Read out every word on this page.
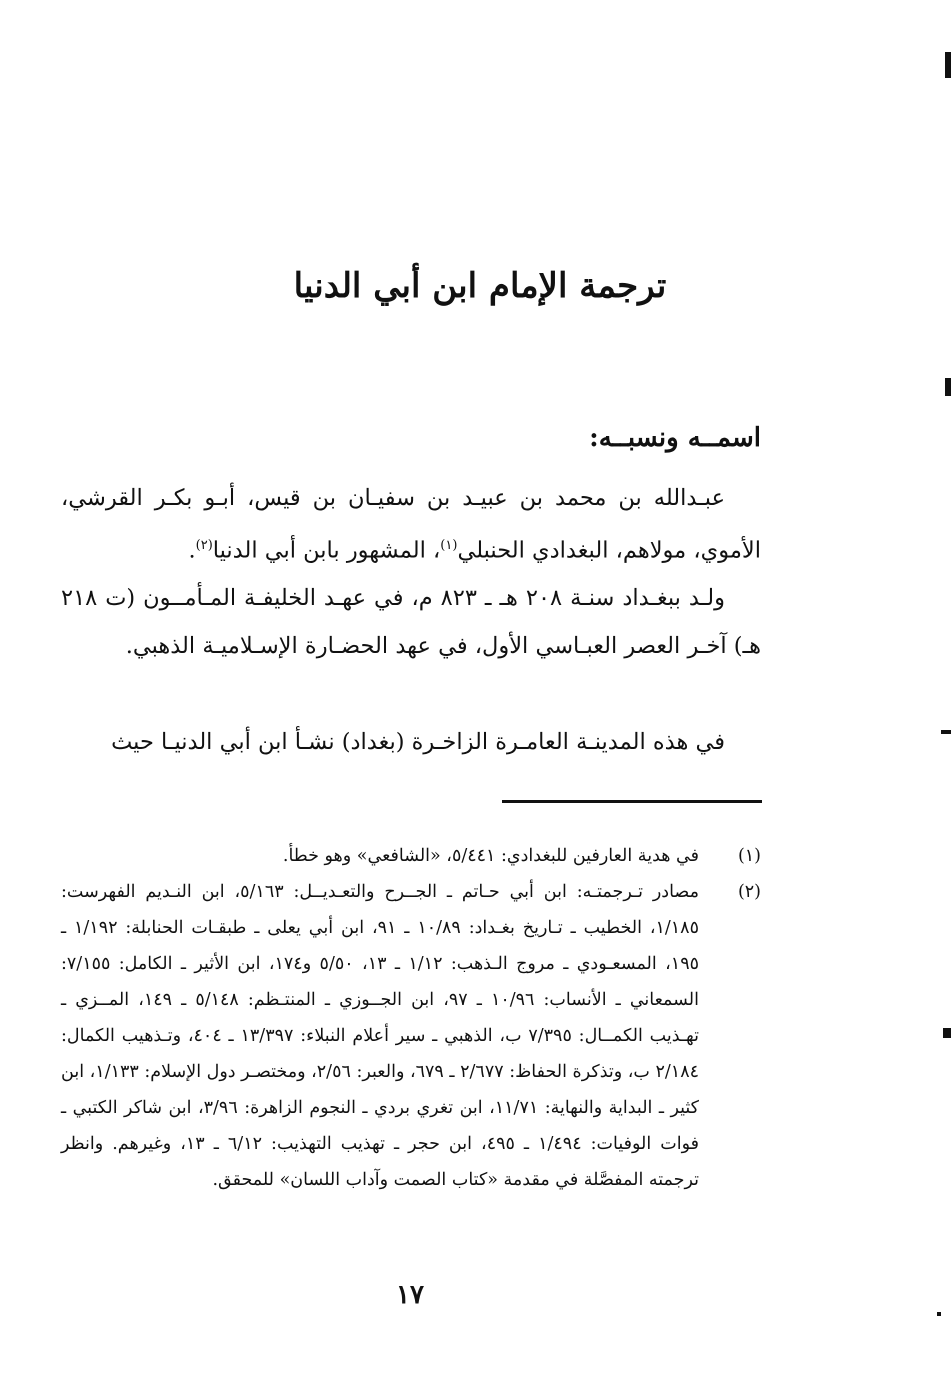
ترجمة الإمام ابن أبي الدنيا
اسمــه ونسبــه:

عبـدالله بن محمد بن عبيـد بن سفيـان بن قيس، أبـو بكـر القرشي، الأموي، مولاهم، البغدادي الحنبلي$^{(١)}$، المشهور بابن أبي الدنيا$^{(٢)}$.

ولـد ببغـداد سنـة ٢٠٨ هـ ـ ٨٢٣ م، في عهـد الخليفـة المـأمــون (ت ٢١٨ هـ) آخـر العصر العبـاسي الأول، في عهد الحضـارة الإسـلاميـة الذهبي.

في هذه المدينـة العامـرة الزاخـرة (بغداد) نشـأ ابن أبي الدنيـا حيث

(١)
في هدية العارفين للبغدادي: ٥/٤٤١، «الشافعي» وهو خطأ.
(٢)
مصادر تـرجمتـه: ابن أبي حـاتم ـ الجــرح والتعـديــل: ٥/١٦٣، ابن النـديم الفهرست: ١/١٨٥، الخطيب ـ تـاريخ بغـداد: ١٠/٨٩ ـ ٩١، ابن أبي يعلى ـ طبقـات الحنابلة: ١/١٩٢ ـ ١٩٥، المسعـودي ـ مروج الـذهب: ١/١٢ ـ ١٣، ٥/٥٠ و١٧٤، ابن الأثير ـ الكامل: ٧/١٥٥: السمعاني ـ الأنساب: ١٠/٩٦ ـ ٩٧، ابن الجــوزي ـ المنتـظم: ٥/١٤٨ ـ ١٤٩، المــزي ـ تهـذيب الكمــال: ٧/٣٩٥ ب، الذهبي ـ سير أعلام النبلاء: ١٣/٣٩٧ ـ ٤٠٤، وتـذهيب الكمال: ٢/١٨٤ ب، وتذكرة الحفاظ: ٢/٦٧٧ ـ ٦٧٩، والعبر: ٢/٥٦، ومختصـر دول الإسلام: ١/١٣٣، ابن كثير ـ البداية والنهاية: ١١/٧١، ابن تغري بردي ـ النجوم الزاهرة: ٣/٩٦، ابن شاكر الكتبي ـ فوات الوفيات: ١/٤٩٤ ـ ٤٩٥، ابن حجر ـ تهذيب التهذيب: ٦/١٢ ـ ١٣، وغيرهم. وانظر ترجمته المفصَّلة في مقدمة «كتاب الصمت وآداب اللسان» للمحقق.
١٧
